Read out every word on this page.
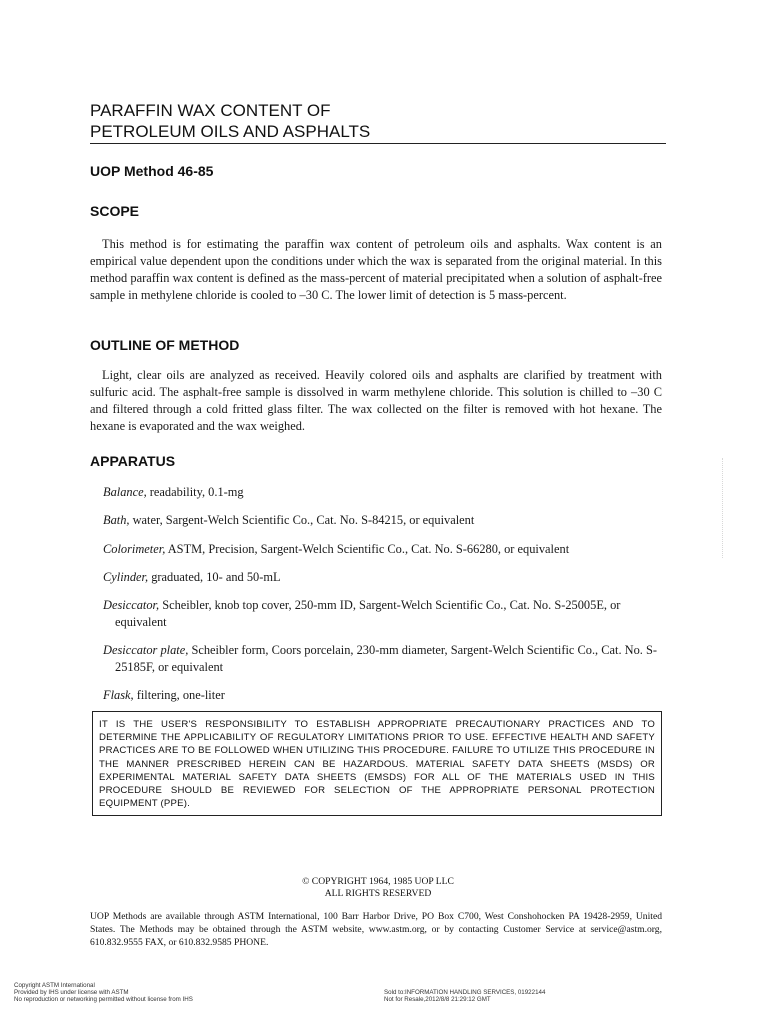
PARAFFIN WAX CONTENT OF
PETROLEUM OILS AND ASPHALTS
UOP Method 46-85
SCOPE
This method is for estimating the paraffin wax content of petroleum oils and asphalts. Wax content is an empirical value dependent upon the conditions under which the wax is separated from the original material. In this method paraffin wax content is defined as the mass-percent of material precipitated when a solution of asphalt-free sample in methylene chloride is cooled to –30 C. The lower limit of detection is 5 mass-percent.
OUTLINE OF METHOD
Light, clear oils are analyzed as received. Heavily colored oils and asphalts are clarified by treatment with sulfuric acid. The asphalt-free sample is dissolved in warm methylene chloride. This solution is chilled to –30 C and filtered through a cold fritted glass filter. The wax collected on the filter is removed with hot hexane. The hexane is evaporated and the wax weighed.
APPARATUS
Balance, readability, 0.1-mg
Bath, water, Sargent-Welch Scientific Co., Cat. No. S-84215, or equivalent
Colorimeter, ASTM, Precision, Sargent-Welch Scientific Co., Cat. No. S-66280, or equivalent
Cylinder, graduated, 10- and 50-mL
Desiccator, Scheibler, knob top cover, 250-mm ID, Sargent-Welch Scientific Co., Cat. No. S-25005E, or equivalent
Desiccator plate, Scheibler form, Coors porcelain, 230-mm diameter, Sargent-Welch Scientific Co., Cat. No. S-25185F, or equivalent
Flask, filtering, one-liter
IT IS THE USER'S RESPONSIBILITY TO ESTABLISH APPROPRIATE PRECAUTIONARY PRACTICES AND TO DETERMINE THE APPLICABILITY OF REGULATORY LIMITATIONS PRIOR TO USE. EFFECTIVE HEALTH AND SAFETY PRACTICES ARE TO BE FOLLOWED WHEN UTILIZING THIS PROCEDURE. FAILURE TO UTILIZE THIS PROCEDURE IN THE MANNER PRESCRIBED HEREIN CAN BE HAZARDOUS. MATERIAL SAFETY DATA SHEETS (MSDS) OR EXPERIMENTAL MATERIAL SAFETY DATA SHEETS (EMSDS) FOR ALL OF THE MATERIALS USED IN THIS PROCEDURE SHOULD BE REVIEWED FOR SELECTION OF THE APPROPRIATE PERSONAL PROTECTION EQUIPMENT (PPE).
© COPYRIGHT 1964, 1985 UOP LLC
ALL RIGHTS RESERVED
UOP Methods are available through ASTM International, 100 Barr Harbor Drive, PO Box C700, West Conshohocken PA 19428-2959, United States. The Methods may be obtained through the ASTM website, www.astm.org, or by contacting Customer Service at service@astm.org, 610.832.9555 FAX, or 610.832.9585 PHONE.
Copyright ASTM International
Provided by IHS under license with ASTM
No reproduction or networking permitted without license from IHS
Sold to:INFORMATION HANDLING SERVICES, 01922144
Not for Resale,2012/8/8 21:29:12 GMT
